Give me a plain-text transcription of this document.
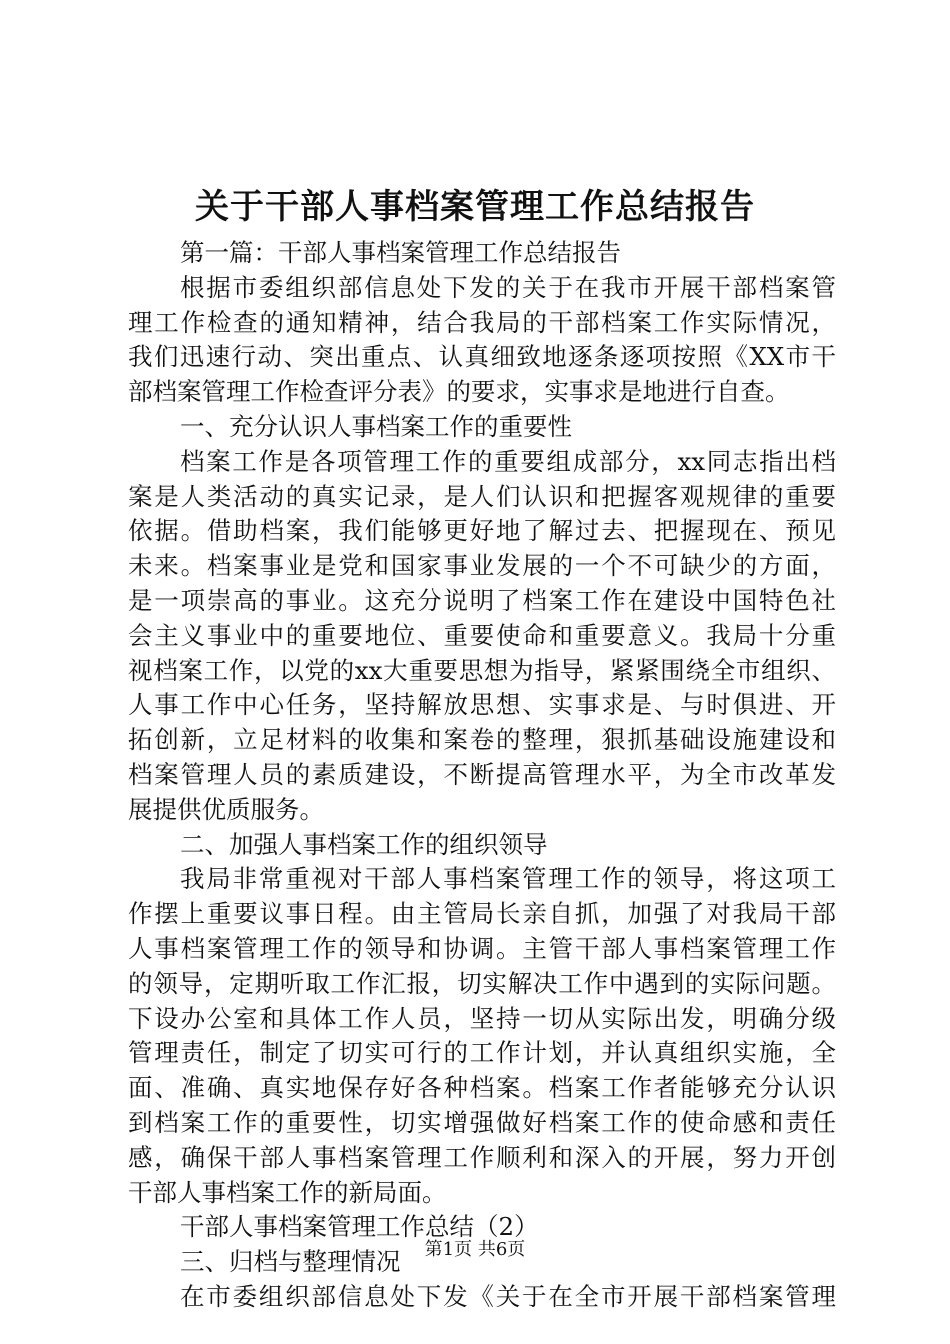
关于干部人事档案管理工作总结报告
第一篇：干部人事档案管理工作总结报告
根据市委组织部信息处下发的关于在我市开展干部档案管
理工作检查的通知精神，结合我局的干部档案工作实际情况，
我们迅速行动、突出重点、认真细致地逐条逐项按照《XX市干
部档案管理工作检查评分表》的要求，实事求是地进行自查。
一、充分认识人事档案工作的重要性
档案工作是各项管理工作的重要组成部分，xx同志指出档
案是人类活动的真实记录，是人们认识和把握客观规律的重要
依据。借助档案，我们能够更好地了解过去、把握现在、预见
未来。档案事业是党和国家事业发展的一个不可缺少的方面，
是一项崇高的事业。这充分说明了档案工作在建设中国特色社
会主义事业中的重要地位、重要使命和重要意义。我局十分重
视档案工作，以党的xx大重要思想为指导，紧紧围绕全市组织、
人事工作中心任务，坚持解放思想、实事求是、与时俱进、开
拓创新，立足材料的收集和案卷的整理，狠抓基础设施建设和
档案管理人员的素质建设，不断提高管理水平，为全市改革发
展提供优质服务。
二、加强人事档案工作的组织领导
我局非常重视对干部人事档案管理工作的领导，将这项工
作摆上重要议事日程。由主管局长亲自抓，加强了对我局干部
人事档案管理工作的领导和协调。主管干部人事档案管理工作
的领导，定期听取工作汇报，切实解决工作中遇到的实际问题。
下设办公室和具体工作人员，坚持一切从实际出发，明确分级
管理责任，制定了切实可行的工作计划，并认真组织实施，全
面、准确、真实地保存好各种档案。档案工作者能够充分认识
到档案工作的重要性，切实增强做好档案工作的使命感和责任
感，确保干部人事档案管理工作顺利和深入的开展，努力开创
干部人事档案工作的新局面。
干部人事档案管理工作总结（2）
三、归档与整理情况
在市委组织部信息处下发《关于在全市开展干部档案管理
第1页 共6页
